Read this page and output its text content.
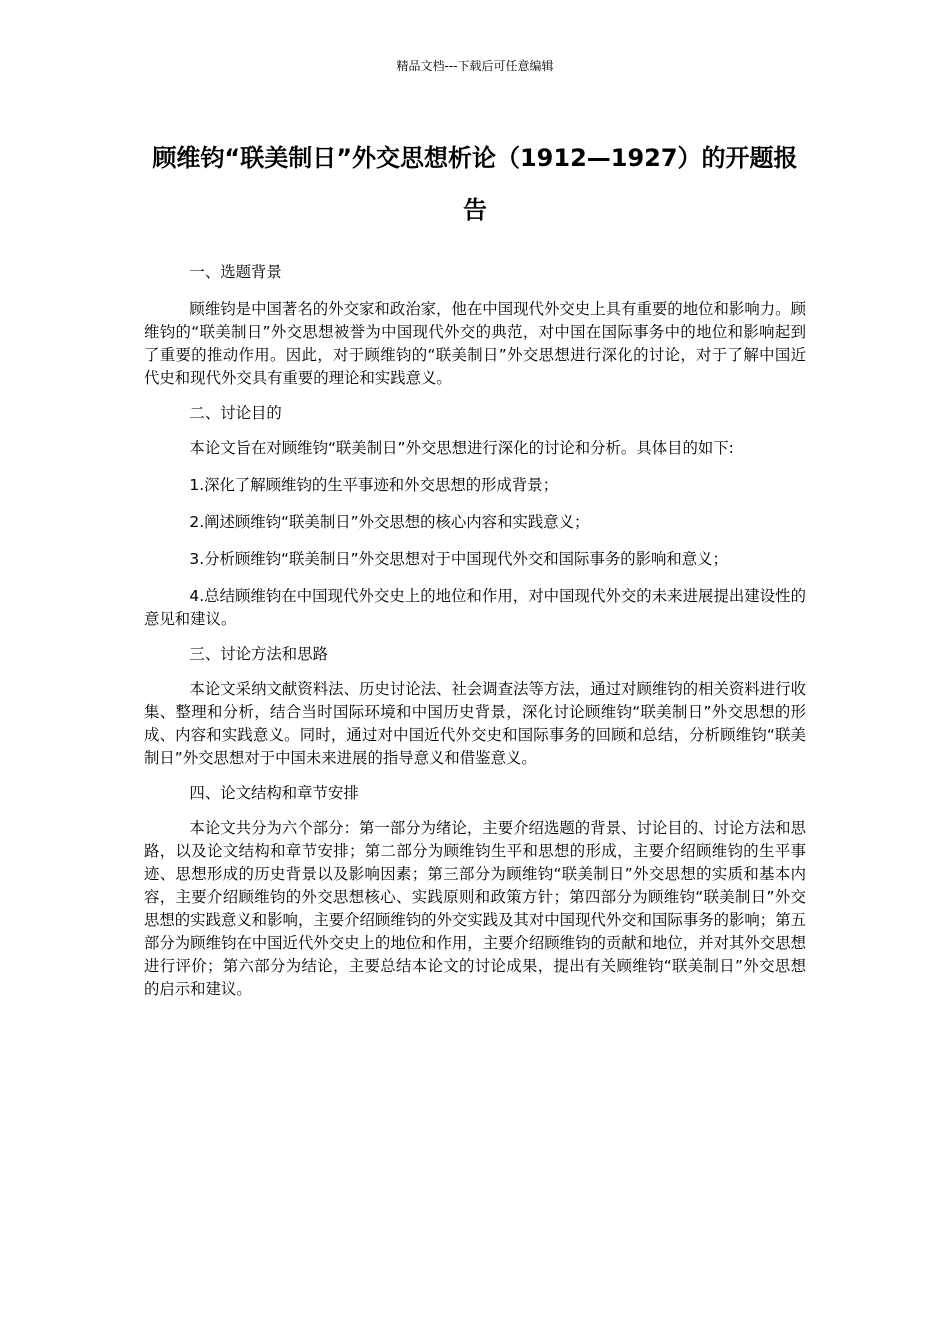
精品文档---下载后可任意编辑
顾维钧“联美制日”外交思想析论（1912—1927）的开题报告

一、选题背景

顾维钧是中国著名的外交家和政治家，他在中国现代外交史上具有重要的地位和影响力。顾维钧的“联美制日”外交思想被誉为中国现代外交的典范，对中国在国际事务中的地位和影响起到了重要的推动作用。因此，对于顾维钧的“联美制日”外交思想进行深化的讨论，对于了解中国近代史和现代外交具有重要的理论和实践意义。

二、讨论目的

本论文旨在对顾维钧“联美制日”外交思想进行深化的讨论和分析。具体目的如下:

1.深化了解顾维钧的生平事迹和外交思想的形成背景；

2.阐述顾维钧“联美制日”外交思想的核心内容和实践意义；

3.分析顾维钧“联美制日”外交思想对于中国现代外交和国际事务的影响和意义；

4.总结顾维钧在中国现代外交史上的地位和作用，对中国现代外交的未来进展提出建设性的意见和建议。

三、讨论方法和思路

本论文采纳文献资料法、历史讨论法、社会调查法等方法，通过对顾维钧的相关资料进行收集、整理和分析，结合当时国际环境和中国历史背景，深化讨论顾维钧“联美制日”外交思想的形成、内容和实践意义。同时，通过对中国近代外交史和国际事务的回顾和总结，分析顾维钧“联美制日”外交思想对于中国未来进展的指导意义和借鉴意义。

四、论文结构和章节安排

本论文共分为六个部分：第一部分为绪论，主要介绍选题的背景、讨论目的、讨论方法和思路，以及论文结构和章节安排；第二部分为顾维钧生平和思想的形成，主要介绍顾维钧的生平事迹、思想形成的历史背景以及影响因素；第三部分为顾维钧“联美制日”外交思想的实质和基本内容，主要介绍顾维钧的外交思想核心、实践原则和政策方针；第四部分为顾维钧“联美制日”外交思想的实践意义和影响，主要介绍顾维钧的外交实践及其对中国现代外交和国际事务的影响；第五部分为顾维钧在中国近代外交史上的地位和作用，主要介绍顾维钧的贡献和地位，并对其外交思想进行评价；第六部分为结论，主要总结本论文的讨论成果，提出有关顾维钧“联美制日”外交思想的启示和建议。
